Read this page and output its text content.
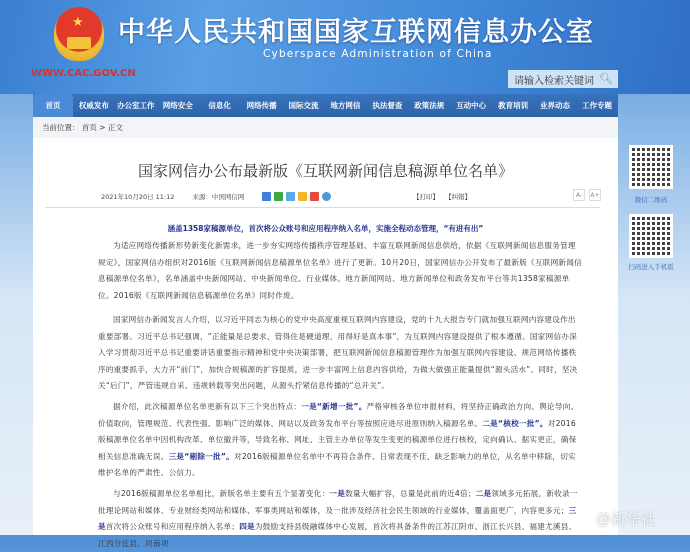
★ 中华人民共和国国家互联网信息办公室
Cyberspace Administration of China
WWW.CAC.GOV.CN
请输入检索关键词 🔍︎
首页	权威发布	办公室工作	网络安全	信息化	网络传播	国际交流	地方网信	执法督查	政策法规	互动中心	教育培训	业界动态	工作专题
当前位置： 首页 > 正文
国家网信办公布最新版《互联网新闻信息稿源单位名单》
2021年10月20日 11:12	来源：中国网信网	【打印】 【纠错】	A-	A+
涵盖1358家稿源单位，首次将公众账号和应用程序纳入名单，实施全程动态管理，“有进有出”
为适应网络传播新形势新变化新需求，进一步夯实网络传播秩序管理基础、丰富互联网新闻信息供给，依据《互联网新闻信息服务管理规定》，国家网信办组织对2016版《互联网新闻信息稿源单位名单》进行了更新。10月20日，国家网信办公开发布了最新版《互联网新闻信息稿源单位名单》，名单涵盖中央新闻网站、中央新闻单位、行业媒体、地方新闻网站、地方新闻单位和政务发布平台等共1358家稿源单位。2016版《互联网新闻信息稿源单位名单》同时作废。
国家网信办新闻发言人介绍，以习近平同志为核心的党中央高度重视互联网内容建设，党的十九大报告专门就加强互联网内容建设作出重要部署。习近平总书记强调，“正能量是总要求、管得住是硬道理、用得好是真本事”，为互联网内容建设提供了根本遵循。国家网信办深入学习贯彻习近平总书记重要讲话重要指示精神和党中央决策部署，把互联网新闻信息稿源管理作为加强互联网内容建设、规范网络传播秩序的重要抓手，大力开“前门”，加快合规稿源的扩容提质，进一步丰富网上信息内容供给，为做大做强正能量提供“源头活水”。同时，坚决关“后门”，严管违规自采、违规转载等突出问题，从源头拧紧信息传播的“总开关”。
据介绍，此次稿源单位名单更新有以下三个突出特点：一是“新增一批”。严格审核各单位申报材料，将坚持正确政治方向、舆论导向、价值取向，管理规范、代表性强、影响广泛的媒体、网站以及政务发布平台等按照应进尽进原则纳入稿源名单。二是“核校一批”。对2016版稿源单位名单中因机构改革、单位撤并等，导致名称、网址、主管主办单位等发生变更的稿源单位进行核校，定向确认、据实更正，确保相关信息准确无误。三是“剔除一批”。对2016版稿源单位名单中不再符合条件、日常表现不佳、缺乏影响力的单位，从名单中移除，切实维护名单的严肃性、公信力。
与2016版稿源单位名单相比，新版名单主要有五个显著变化：一是数量大幅扩容，总量是此前的近4倍；二是领域多元拓展，新收录一批理论网站和媒体、专业财经类网站和媒体、军事类网站和媒体，及一批涉及经济社会民生领域的行业媒体，覆盖面更广，内容更多元；三是首次将公众账号和应用程序纳入名单；四是为鼓励支持县级融媒体中心发展，首次将具备条件的江苏江阴市、浙江长兴县、福建尤溪县、江西分宜县、河南项
微信二维码
扫码进入手机版
@新华社
